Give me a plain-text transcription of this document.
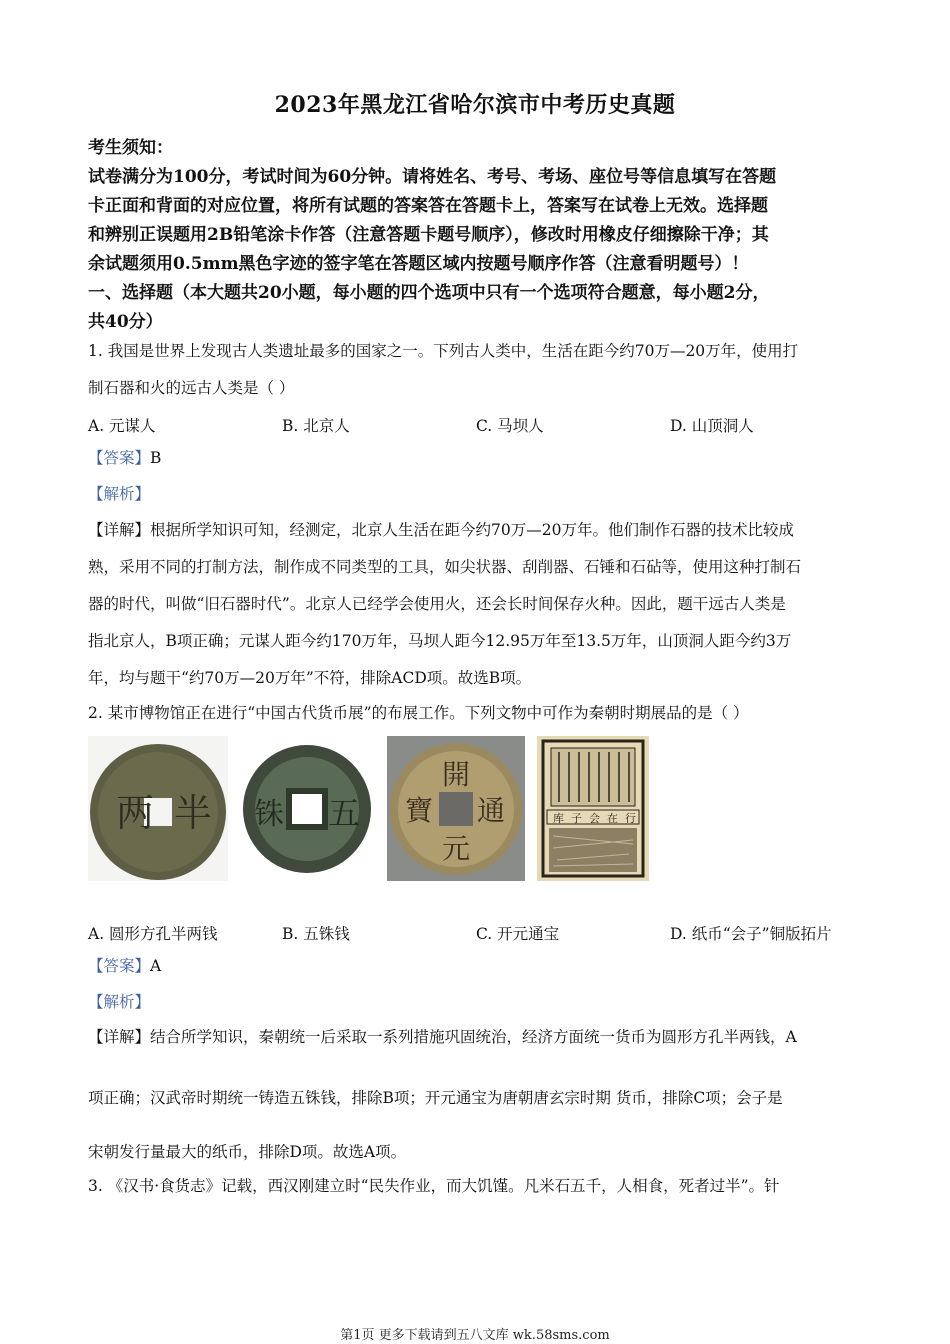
2023年黑龙江省哈尔滨市中考历史真题
考生须知：
试卷满分为100分，考试时间为60分钟。请将姓名、考号、考场、座位号等信息填写在答题
卡正面和背面的对应位置，将所有试题的答案答在答题卡上，答案写在试卷上无效。选择题
和辨别正误题用2B铅笔涂卡作答（注意答题卡题号顺序），修改时用橡皮仔细擦除干净；其
余试题须用0.5mm黑色字迹的签字笔在答题区域内按题号顺序作答（注意看明题号）！
一、选择题（本大题共20小题，每小题的四个选项中只有一个选项符合题意，每小题2分，
共40分）
1. 我国是世界上发现古人类遗址最多的国家之一。下列古人类中，生活在距今约70万—20万年，使用打
制石器和火的远古人类是（ ）
A. 元谋人	B. 北京人	C. 马坝人	D. 山顶洞人
【答案】B
【解析】
【详解】根据所学知识可知，经测定，北京人生活在距今约70万—20万年。他们制作石器的技术比较成
熟，采用不同的打制方法，制作成不同类型的工具，如尖状器、刮削器、石锤和石砧等，使用这种打制石
器的时代，叫做“旧石器时代”。北京人已经学会使用火，还会长时间保存火种。因此，题干远古人类是
指北京人，B项正确；元谋人距今约170万年，马坝人距今12.95万年至13.5万年，山顶洞人距今约3万
年，均与题干“约70万—20万年”不符，排除ACD项。故选B项。
2. 某市博物馆正在进行“中国古代货币展”的布展工作。下列文物中可作为秦朝时期展品的是（ ）
两 半	五
铢
開
通
元
寶	行
在
会
子
库
A. 圆形方孔半两钱	B. 五铢钱	C. 开元通宝	D. 纸币“会子”铜版拓片
【答案】A
【解析】
【详解】结合所学知识，秦朝统一后采取一系列措施巩固统治，经济方面统一货币为圆形方孔半两钱，A
项正确；汉武帝时期统一铸造五铢钱，排除B项；开元通宝为唐朝唐玄宗时期 货币，排除C项；会子是
宋朝发行量最大的纸币，排除D项。故选A项。
3. 《汉书·食货志》记载，西汉刚建立时“民失作业，而大饥馑。凡米石五千，人相食，死者过半”。针
第1页 更多下载请到五八文库 wk.58sms.com
